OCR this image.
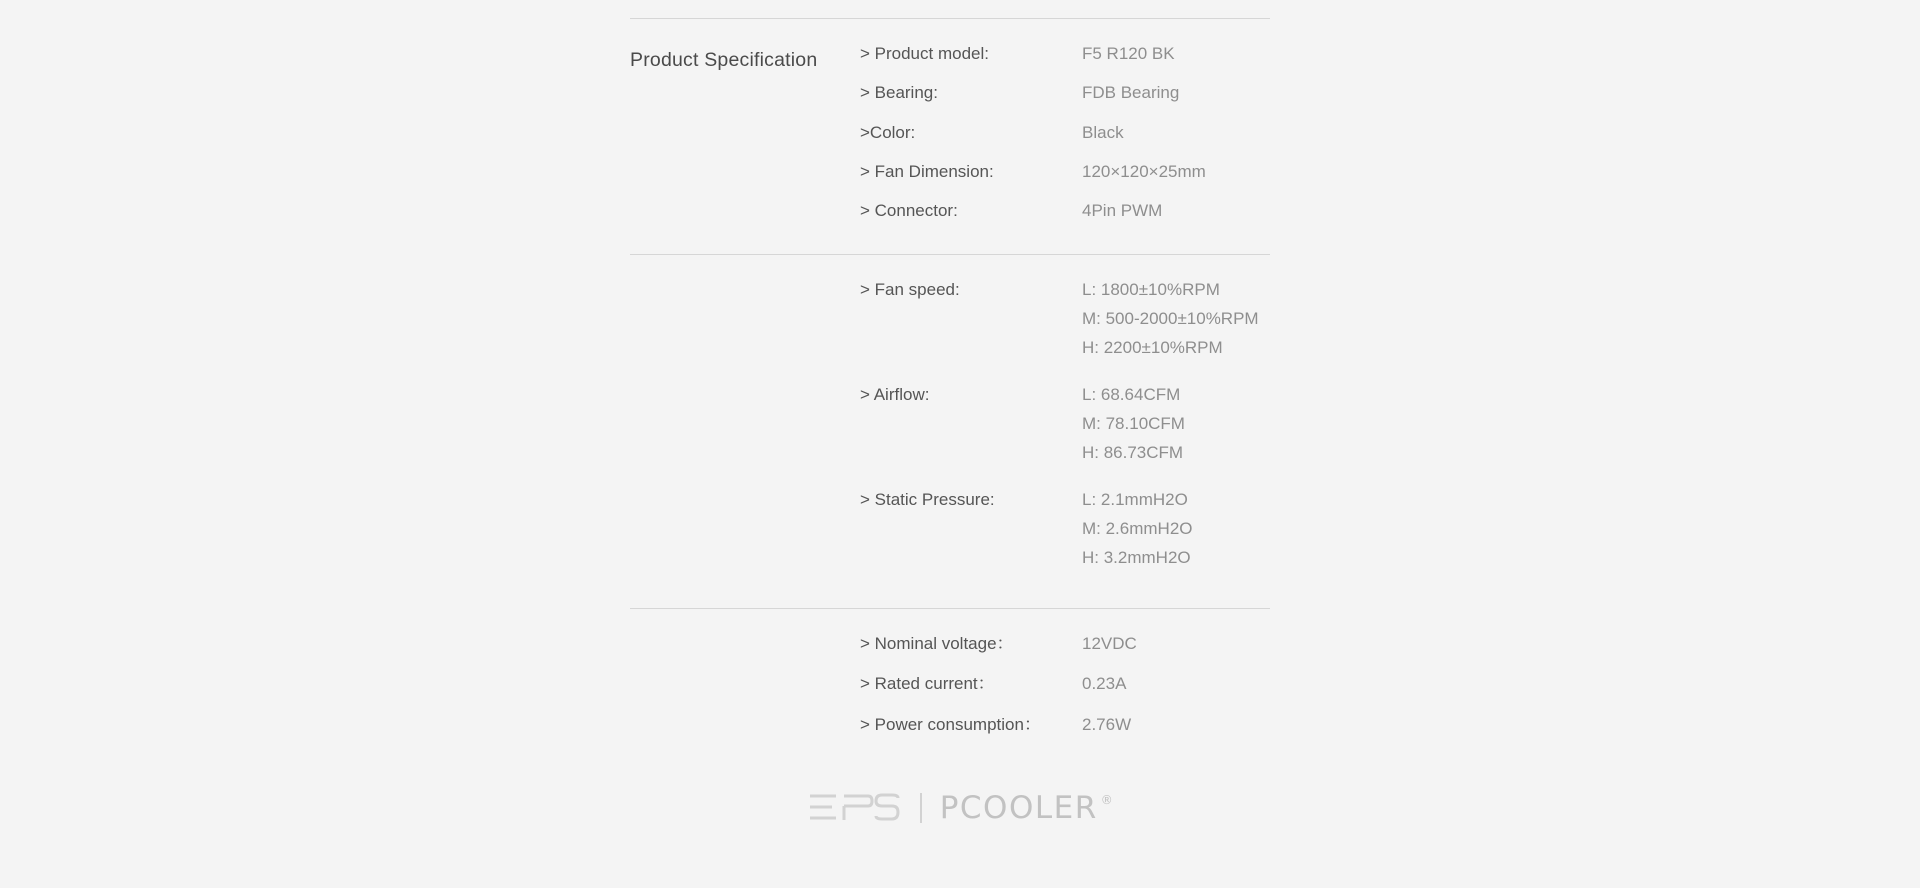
Product Specification	> Product model:	F5 R120 BK
> Bearing:	FDB Bearing
>Color:	Black
> Fan Dimension:	120×120×25mm
> Connector:	4Pin PWM
> Fan speed:	L: 1800±10%RPM
M: 500-2000±10%RPM
H: 2200±10%RPM
> Airflow:	L: 68.64CFM
M: 78.10CFM
H: 86.73CFM
> Static Pressure:	L: 2.1mmH2O
M: 2.6mmH2O
H: 3.2mmH2O
> Nominal voltage：	12VDC
> Rated current：	0.23A
> Power consumption：	2.76W
PCOOLER ®
